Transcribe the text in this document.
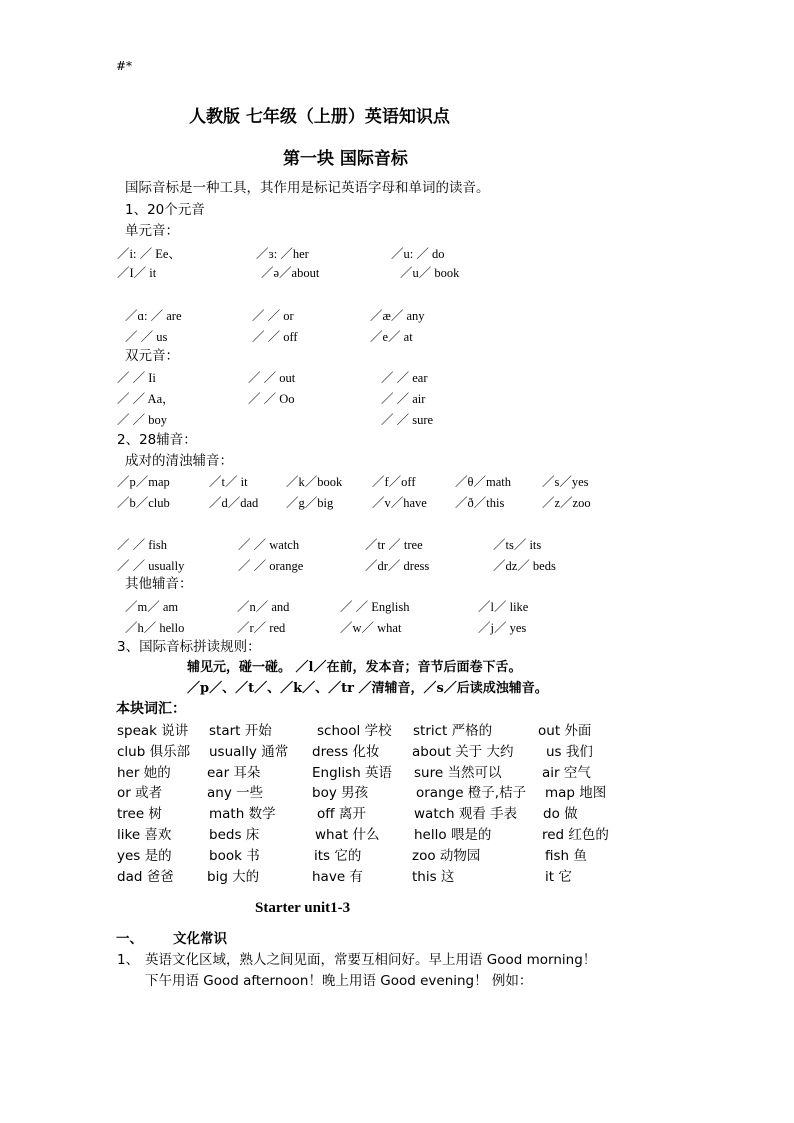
#*
人教版 七年级（上册）英语知识点
第一块 国际音标
国际音标是一种工具，其作用是标记英语字母和单词的读音。
1、20个元音
单元音：
／i: ／ Ee、	／ɜ: ／her	／u: ／ do
／I／ it	／ə／about	／u／ book
／ɑ: ／ are	／ ／ or	／æ／ any
／ ／ us	／ ／ off	／e／ at
双元音：
／ ／ Ii	／ ／ out	／ ／ ear
／ ／ Aa，	／ ／ Oo	／ ／ air
／ ／ boy	／ ／ sure
2、28辅音：
成对的清浊辅音：
／p／map	／t／ it	／k／book ／f／off	／θ／math ／s／yes
／b／club	／d／dad ／g／big	／v／have ／ð／this	／z／zoo
／ ／ fish	／ ／ watch	／tr ／ tree	／ts／ its
／ ／ usually	／ ／ orange	／dr／ dress	／dz／ beds
其他辅音：
／m／ am	／n／ and	／ ／ English	／l／ like
／h／ hello	／r／ red	／w／ what	／j／ yes
3、国际音标拼读规则：
辅见元，碰一碰。 ／l／在前，发本音；音节后面卷下舌。
／p／、／t／、／k／、／tr ／清辅音，／s／后读成浊辅音。
本块词汇：
speak 说讲 start 开始	school 学校 strict 严格的	out 外面
club 俱乐部 usually 通常 dress 化妆 about 关于 大约 us 我们
her 她的	ear 耳朵	English 英语 sure 当然可以	air 空气
or 或者	any 一些	boy 男孩	orange 橙子,桔子 map 地图
tree 树	math 数学	off 离开	watch 观看 手表 do 做
like 喜欢	beds 床	what 什么	hello 喂是的	red 红色的
yes 是的	book 书	its 它的	zoo 动物园	fish 鱼
dad 爸爸 big 大的	have 有	this 这	it 它
Starter unit1-3
一、 文化常识
1、 英语文化区域，熟人之间见面，常要互相问好。早上用语 Good morning！
下午用语 Good afternoon！晚上用语 Good evening！ 例如：
